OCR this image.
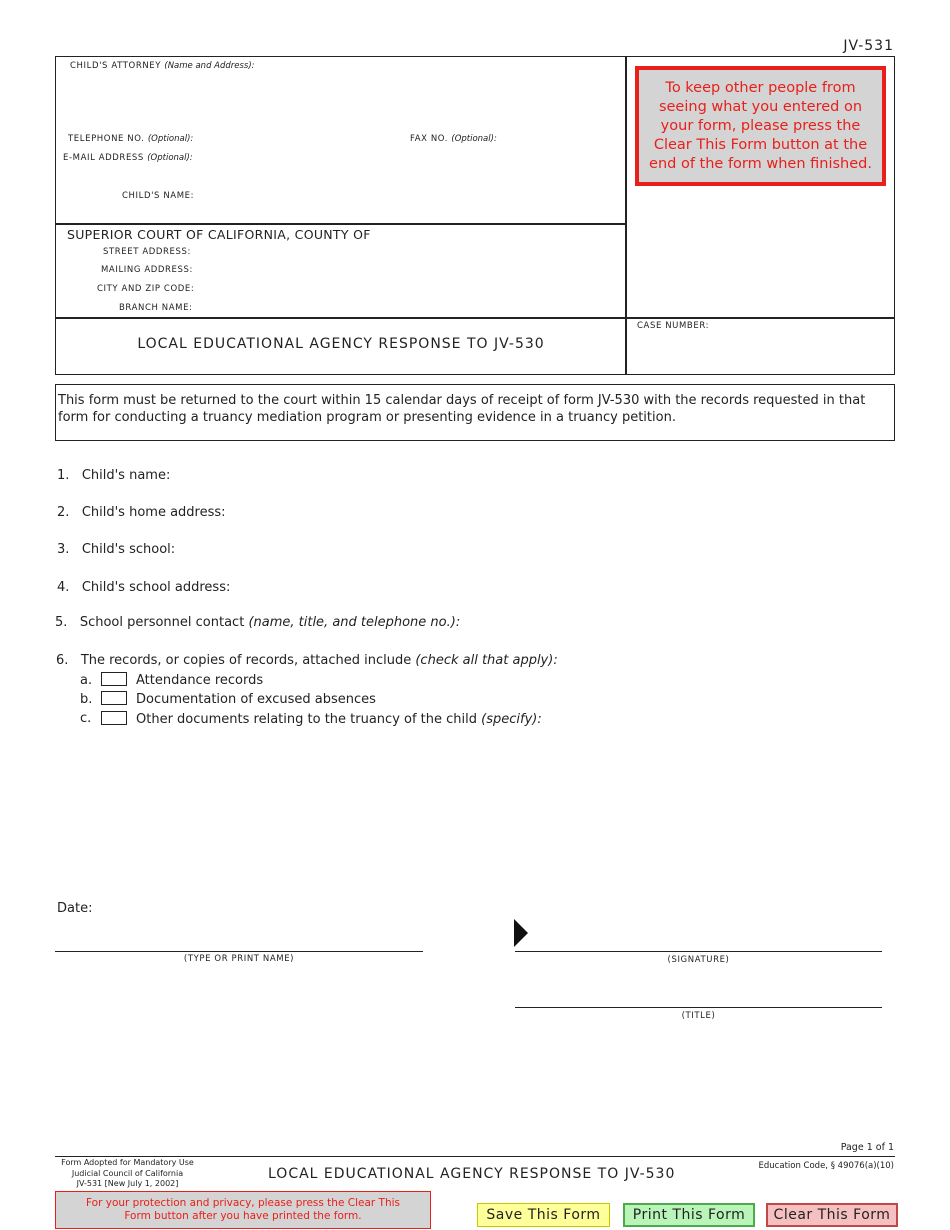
JV-531
CHILD'S ATTORNEY (Name and Address):
TELEPHONE NO. (Optional):	FAX NO. (Optional):
E-MAIL ADDRESS (Optional):
CHILD'S NAME:
SUPERIOR COURT OF CALIFORNIA, COUNTY OF
STREET ADDRESS:
MAILING ADDRESS:
CITY AND ZIP CODE:
BRANCH NAME:
To keep other people from seeing what you entered on your form, please press the Clear This Form button at the end of the form when finished.
LOCAL EDUCATIONAL AGENCY RESPONSE TO JV-530
CASE NUMBER:
This form must be returned to the court within 15 calendar days of receipt of form JV-530 with the records requested in that form for conducting a truancy mediation program or presenting evidence in a truancy petition.
1. Child's name:
2. Child's home address:
3. Child's school:
4. Child's school address:
5. School personnel contact (name, title, and telephone no.):
6. The records, or copies of records, attached include (check all that apply):
a.	Attendance records
b.	Documentation of excused absences
c.	Other documents relating to the truancy of the child (specify):
Date:
(TYPE OR PRINT NAME)	(SIGNATURE)
(TITLE)
Page 1 of 1
Form Adopted for Mandatory Use
Judicial Council of California
JV-531 [New July 1, 2002]
LOCAL EDUCATIONAL AGENCY RESPONSE TO JV-530	Education Code, § 49076(a)(10)
For your protection and privacy, please press the Clear This Form button after you have printed the form.	Save This Form	Print This Form	Clear This Form
